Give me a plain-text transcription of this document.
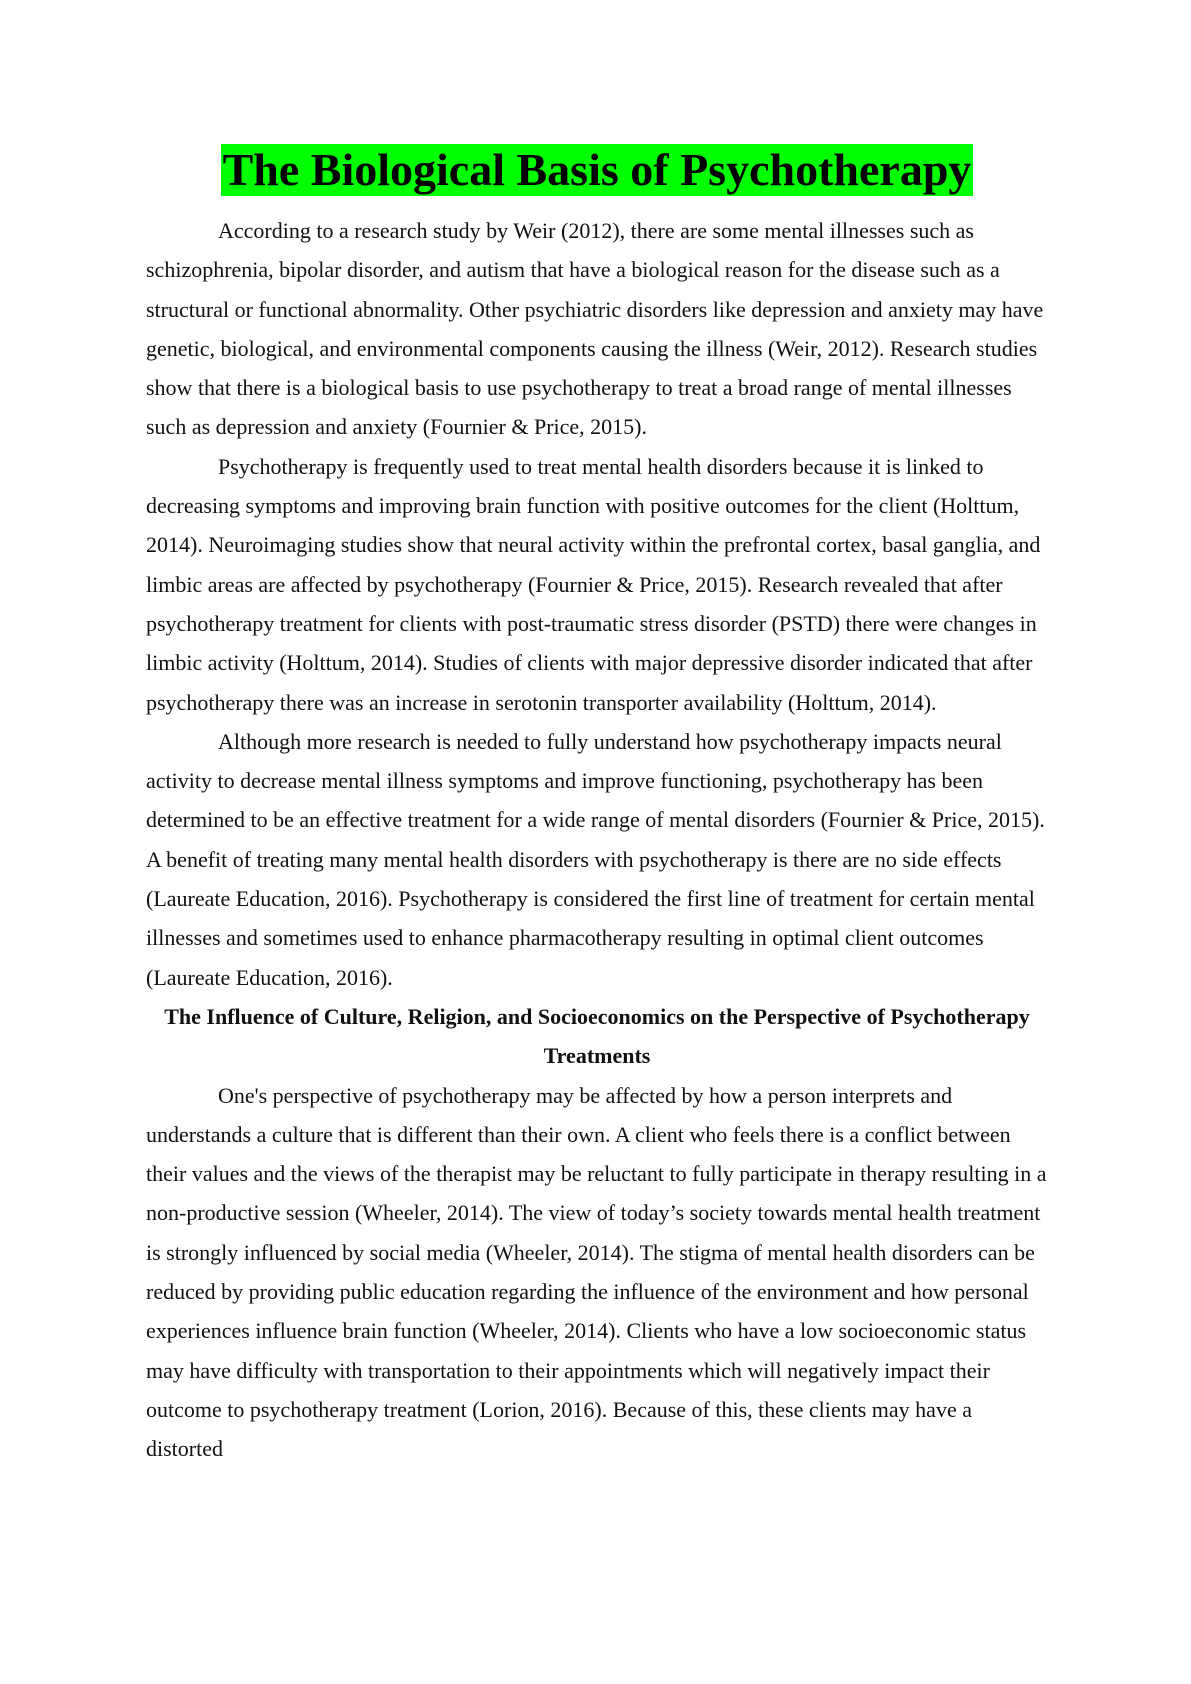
The Biological Basis of Psychotherapy

According to a research study by Weir (2012), there are some mental illnesses such as schizophrenia, bipolar disorder, and autism that have a biological reason for the disease such as a structural or functional abnormality. Other psychiatric disorders like depression and anxiety may have genetic, biological, and environmental components causing the illness (Weir, 2012). Research studies show that there is a biological basis to use psychotherapy to treat a broad range of mental illnesses such as depression and anxiety (Fournier & Price, 2015).

Psychotherapy is frequently used to treat mental health disorders because it is linked to decreasing symptoms and improving brain function with positive outcomes for the client (Holttum, 2014). Neuroimaging studies show that neural activity within the prefrontal cortex, basal ganglia, and limbic areas are affected by psychotherapy (Fournier & Price, 2015). Research revealed that after psychotherapy treatment for clients with post-traumatic stress disorder (PSTD) there were changes in limbic activity (Holttum, 2014). Studies of clients with major depressive disorder indicated that after psychotherapy there was an increase in serotonin transporter availability (Holttum, 2014).

Although more research is needed to fully understand how psychotherapy impacts neural activity to decrease mental illness symptoms and improve functioning, psychotherapy has been determined to be an effective treatment for a wide range of mental disorders (Fournier & Price, 2015). A benefit of treating many mental health disorders with psychotherapy is there are no side effects (Laureate Education, 2016). Psychotherapy is considered the first line of treatment for certain mental illnesses and sometimes used to enhance pharmacotherapy resulting in optimal client outcomes (Laureate Education, 2016).

The Influence of Culture, Religion, and Socioeconomics on the Perspective of Psychotherapy Treatments

One's perspective of psychotherapy may be affected by how a person interprets and understands a culture that is different than their own. A client who feels there is a conflict between their values and the views of the therapist may be reluctant to fully participate in therapy resulting in a non-productive session (Wheeler, 2014). The view of today’s society towards mental health treatment is strongly influenced by social media (Wheeler, 2014). The stigma of mental health disorders can be reduced by providing public education regarding the influence of the environment and how personal experiences influence brain function (Wheeler, 2014). Clients who have a low socioeconomic status may have difficulty with transportation to their appointments which will negatively impact their outcome to psychotherapy treatment (Lorion, 2016). Because of this, these clients may have a distorted
